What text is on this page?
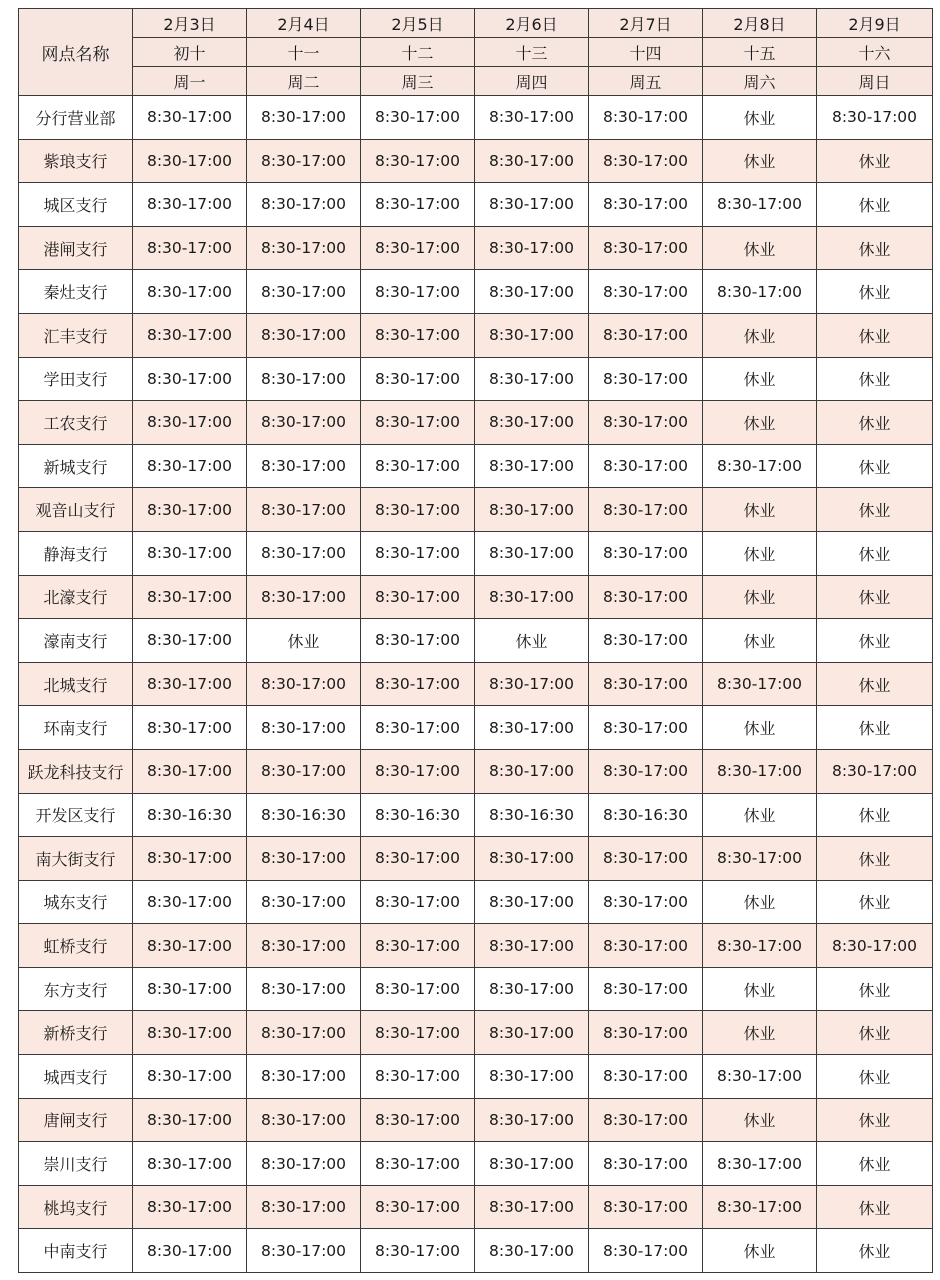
网点名称	2月3日	2月4日	2月5日	2月6日	2月7日	2月8日	2月9日
	初十	十一	十二	十三	十四	十五	十六
	周一	周二	周三	周四	周五	周六	周日
分行营业部	8:30-17:00	8:30-17:00	8:30-17:00	8:30-17:00	8:30-17:00	休业	8:30-17:00
紫琅支行	8:30-17:00	8:30-17:00	8:30-17:00	8:30-17:00	8:30-17:00	休业	休业
城区支行	8:30-17:00	8:30-17:00	8:30-17:00	8:30-17:00	8:30-17:00	8:30-17:00	休业
港闸支行	8:30-17:00	8:30-17:00	8:30-17:00	8:30-17:00	8:30-17:00	休业	休业
秦灶支行	8:30-17:00	8:30-17:00	8:30-17:00	8:30-17:00	8:30-17:00	8:30-17:00	休业
汇丰支行	8:30-17:00	8:30-17:00	8:30-17:00	8:30-17:00	8:30-17:00	休业	休业
学田支行	8:30-17:00	8:30-17:00	8:30-17:00	8:30-17:00	8:30-17:00	休业	休业
工农支行	8:30-17:00	8:30-17:00	8:30-17:00	8:30-17:00	8:30-17:00	休业	休业
新城支行	8:30-17:00	8:30-17:00	8:30-17:00	8:30-17:00	8:30-17:00	8:30-17:00	休业
观音山支行	8:30-17:00	8:30-17:00	8:30-17:00	8:30-17:00	8:30-17:00	休业	休业
静海支行	8:30-17:00	8:30-17:00	8:30-17:00	8:30-17:00	8:30-17:00	休业	休业
北濠支行	8:30-17:00	8:30-17:00	8:30-17:00	8:30-17:00	8:30-17:00	休业	休业
濠南支行	8:30-17:00	休业	8:30-17:00	休业	8:30-17:00	休业	休业
北城支行	8:30-17:00	8:30-17:00	8:30-17:00	8:30-17:00	8:30-17:00	8:30-17:00	休业
环南支行	8:30-17:00	8:30-17:00	8:30-17:00	8:30-17:00	8:30-17:00	休业	休业
跃龙科技支行	8:30-17:00	8:30-17:00	8:30-17:00	8:30-17:00	8:30-17:00	8:30-17:00	8:30-17:00
开发区支行	8:30-16:30	8:30-16:30	8:30-16:30	8:30-16:30	8:30-16:30	休业	休业
南大街支行	8:30-17:00	8:30-17:00	8:30-17:00	8:30-17:00	8:30-17:00	8:30-17:00	休业
城东支行	8:30-17:00	8:30-17:00	8:30-17:00	8:30-17:00	8:30-17:00	休业	休业
虹桥支行	8:30-17:00	8:30-17:00	8:30-17:00	8:30-17:00	8:30-17:00	8:30-17:00	8:30-17:00
东方支行	8:30-17:00	8:30-17:00	8:30-17:00	8:30-17:00	8:30-17:00	休业	休业
新桥支行	8:30-17:00	8:30-17:00	8:30-17:00	8:30-17:00	8:30-17:00	休业	休业
城西支行	8:30-17:00	8:30-17:00	8:30-17:00	8:30-17:00	8:30-17:00	8:30-17:00	休业
唐闸支行	8:30-17:00	8:30-17:00	8:30-17:00	8:30-17:00	8:30-17:00	休业	休业
崇川支行	8:30-17:00	8:30-17:00	8:30-17:00	8:30-17:00	8:30-17:00	8:30-17:00	休业
桃坞支行	8:30-17:00	8:30-17:00	8:30-17:00	8:30-17:00	8:30-17:00	8:30-17:00	休业
中南支行	8:30-17:00	8:30-17:00	8:30-17:00	8:30-17:00	8:30-17:00	休业	休业
